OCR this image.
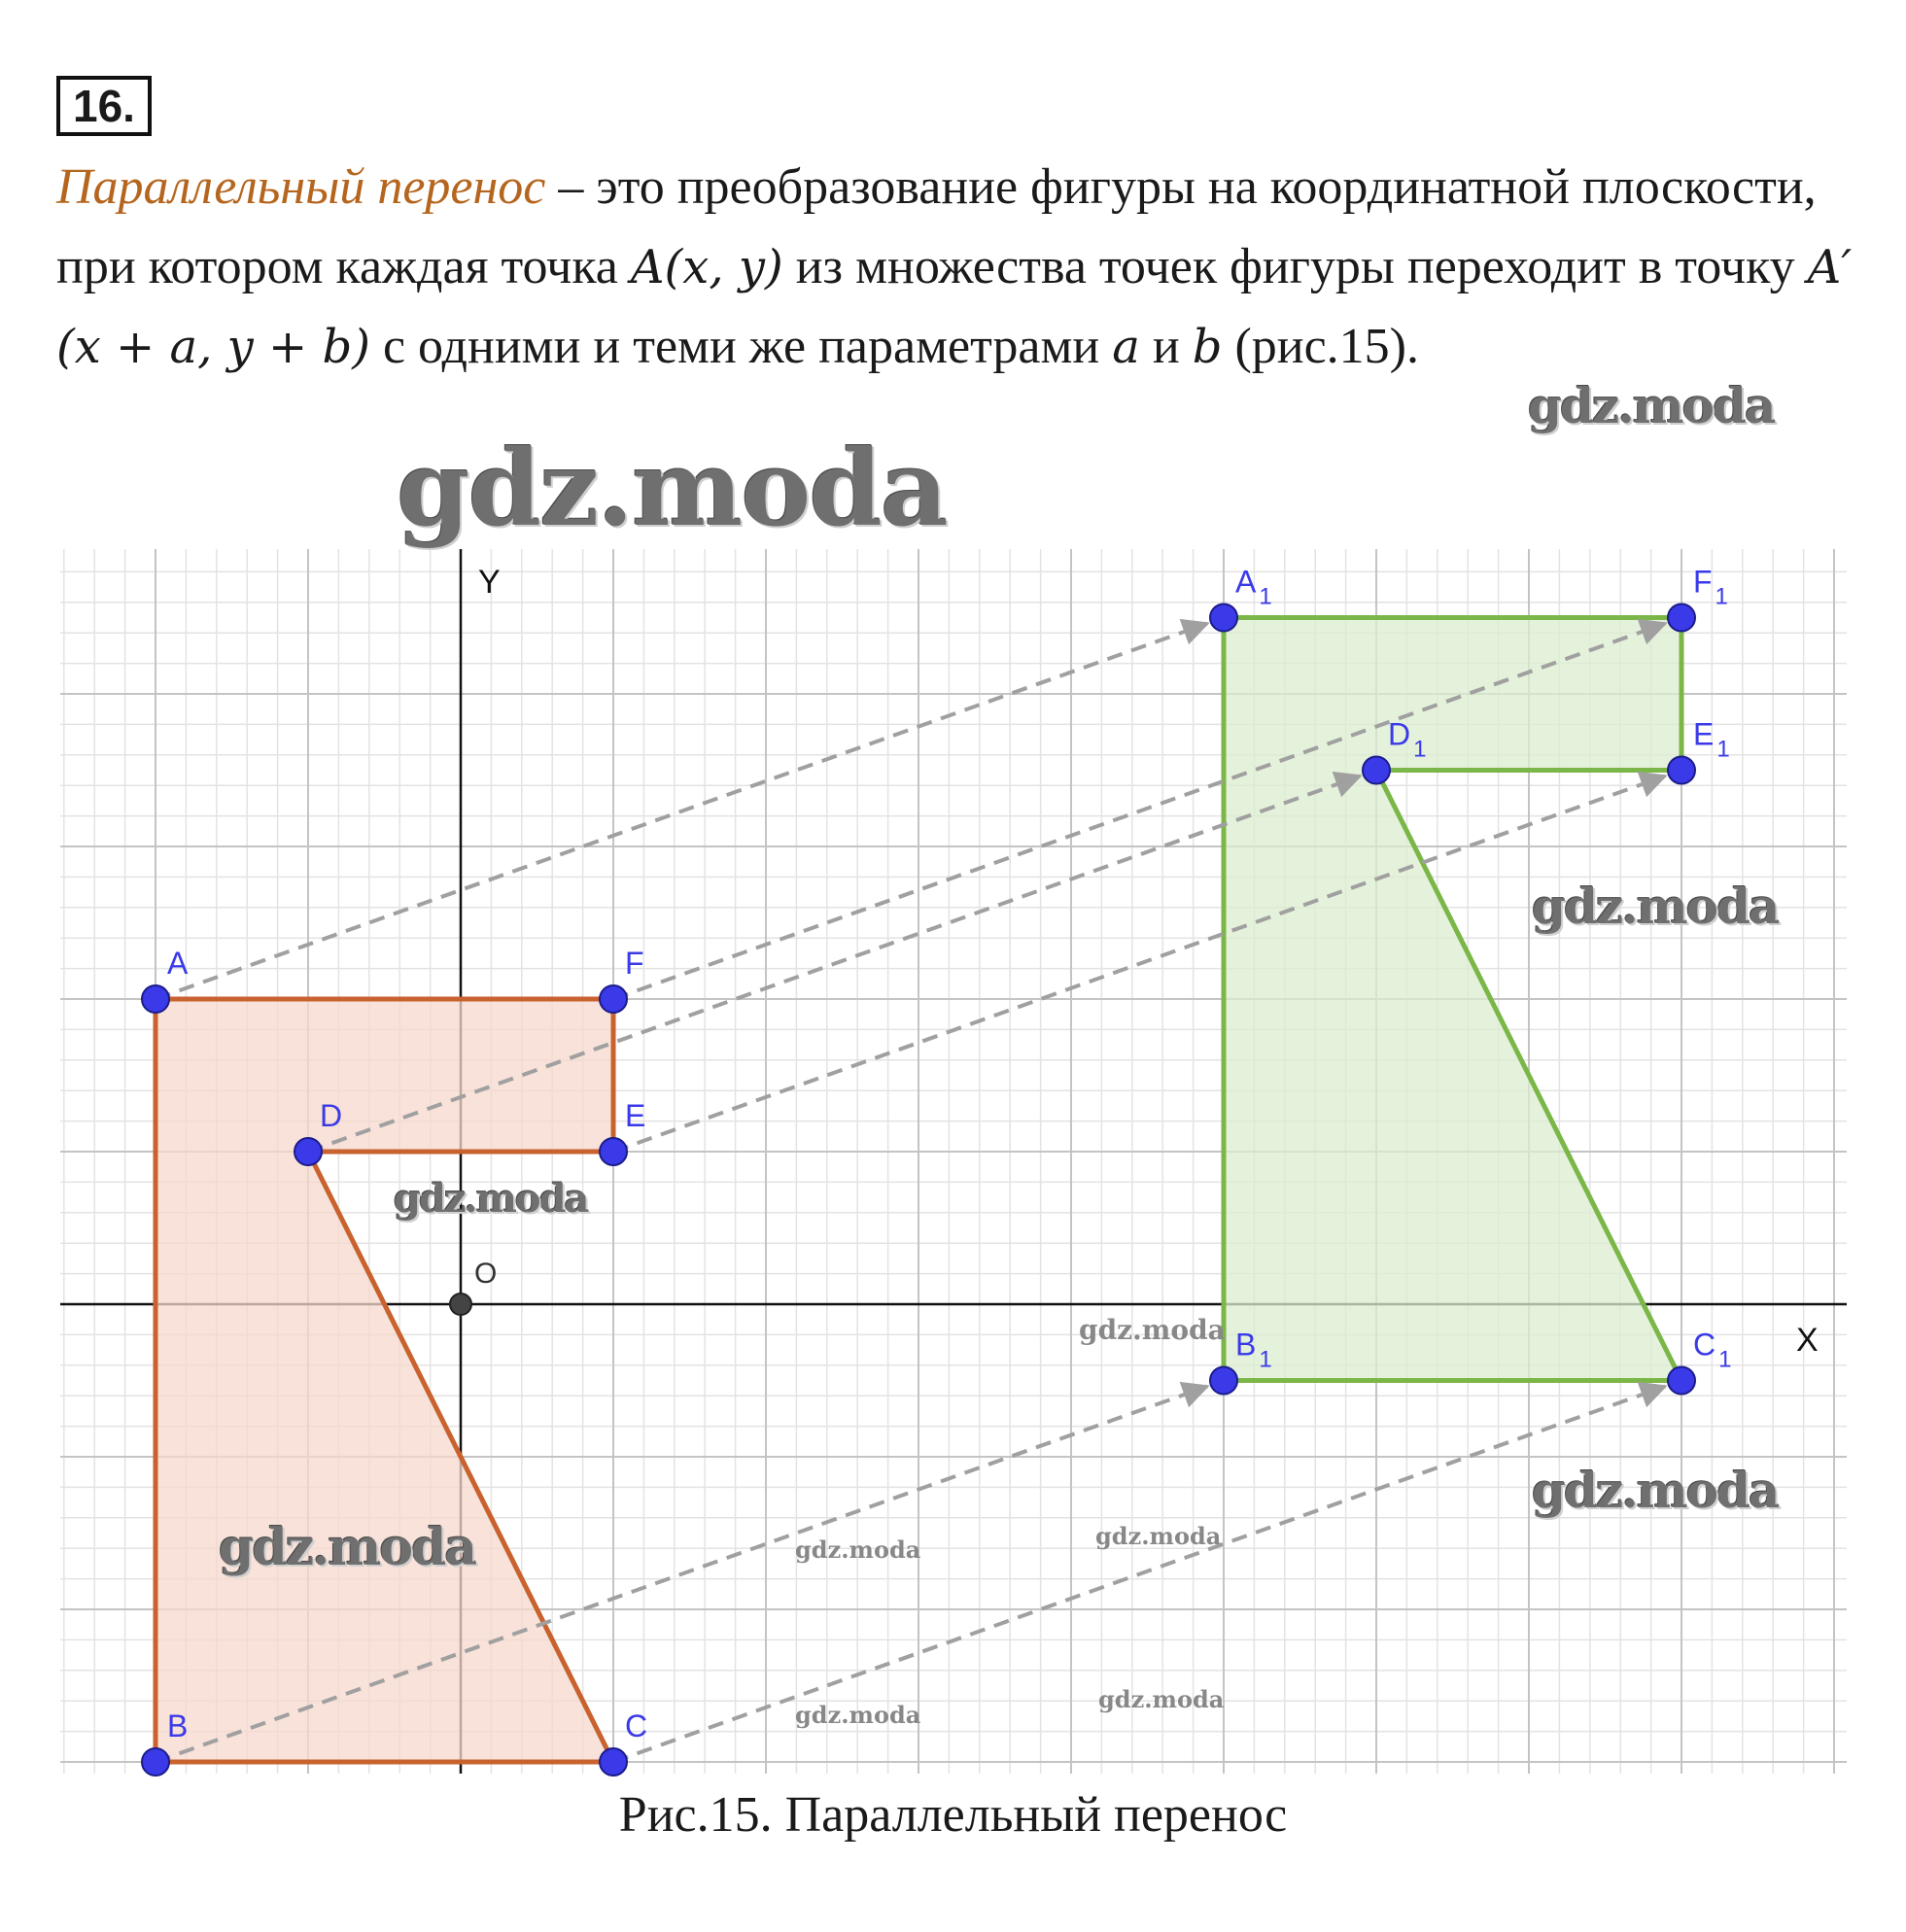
16.
Параллельный перенос – это преобразование фигуры на координатной плоскости, при котором каждая точка A(x, y) из множества точек фигуры переходит в точку A′(x + a, y + b) с одними и теми же параметрами a и b (рис.15).
X
Y
O
A	F
E
D
C
B
A $_1$	F $_1$
E $_1$
D $_1$
C $_1$
B $_1$
gdz.moda
gdz.moda
gdz.moda
gdz.moda
gdz.moda
gdz.moda
gdz.moda
gdz.moda	gdz.moda
gdz.moda
gdz.moda
Рис.15. Параллельный перенос
